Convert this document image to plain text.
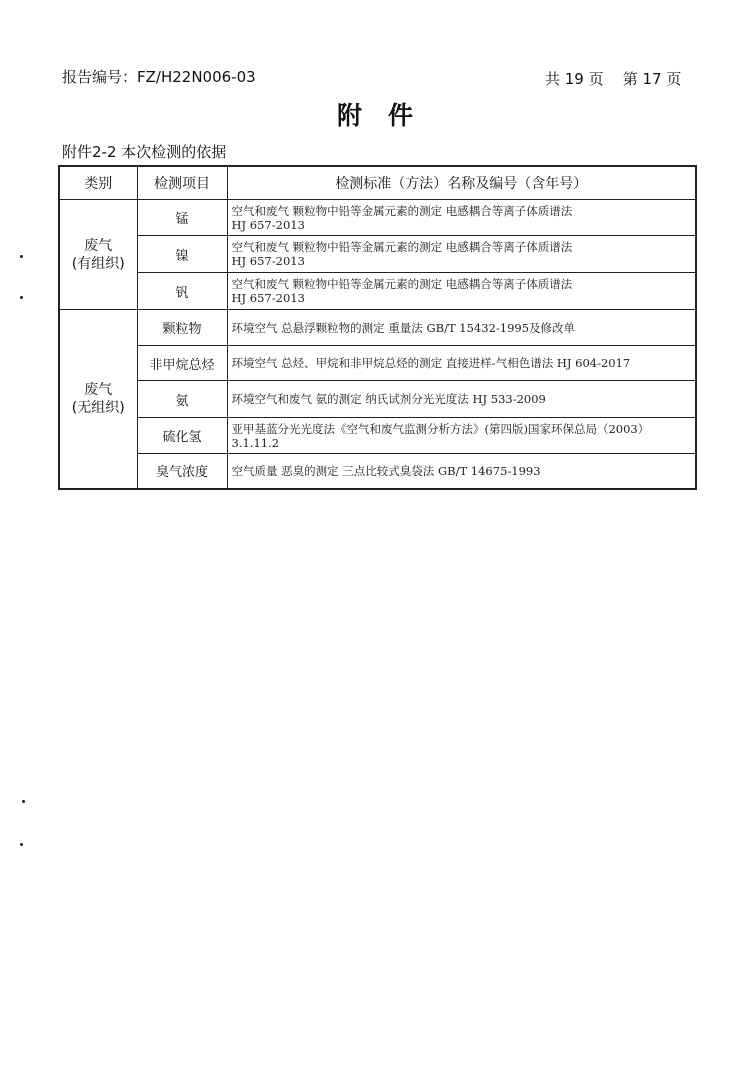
报告编号：FZ/H22N006-03	共 19 页    第 17 页
附件
附件2-2 本次检测的依据
类别	检测项目	检测标准（方法）名称及编号（含年号）

废气
(有组织)	锰	空气和废气 颗粒物中铅等金属元素的测定 电感耦合等离子体质谱法
HJ 657-2013

	镍	空气和废气 颗粒物中铅等金属元素的测定 电感耦合等离子体质谱法
HJ 657-2013

	钒	空气和废气 颗粒物中铅等金属元素的测定 电感耦合等离子体质谱法
HJ 657-2013

废气
(无组织)	颗粒物	环境空气 总悬浮颗粒物的测定 重量法 GB/T 15432-1995及修改单

	非甲烷总烃	环境空气 总烃、甲烷和非甲烷总烃的测定 直接进样-气相色谱法 HJ 604-2017

	氨	环境空气和废气 氨的测定 纳氏试剂分光光度法 HJ 533-2009

	硫化氢	亚甲基蓝分光光度法《空气和废气监测分析方法》(第四版)国家环保总局（2003）
3.1.11.2

	臭气浓度	空气质量 恶臭的测定 三点比较式臭袋法 GB/T 14675-1993
